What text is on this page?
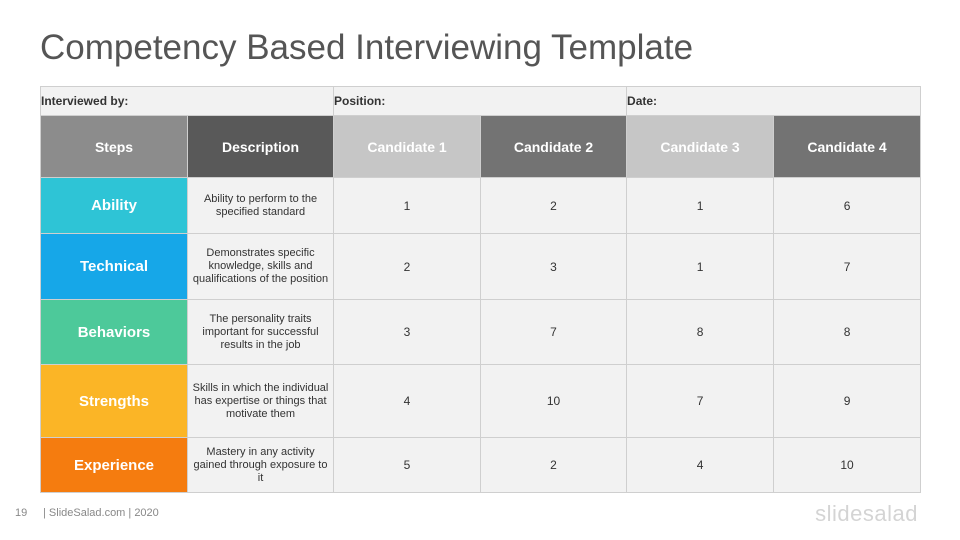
Competency Based Interviewing Template
Interviewed by:		Position:		Date:	
Steps	Description	Candidate 1	Candidate 2	Candidate 3	Candidate 4
Ability	Ability to perform to the specified standard	1	2	1	6
Technical	Demonstrates specific knowledge, skills and qualifications of the position	2	3	1	7
Behaviors	The personality traits important for successful results in the job	3	7	8	8
Strengths	Skills in which the individual has expertise or things that motivate them	4	10	7	9
Experience	Mastery in any activity gained through exposure to it	5	2	4	10
19 | SlideSalad.com | 2020	slidesalad
